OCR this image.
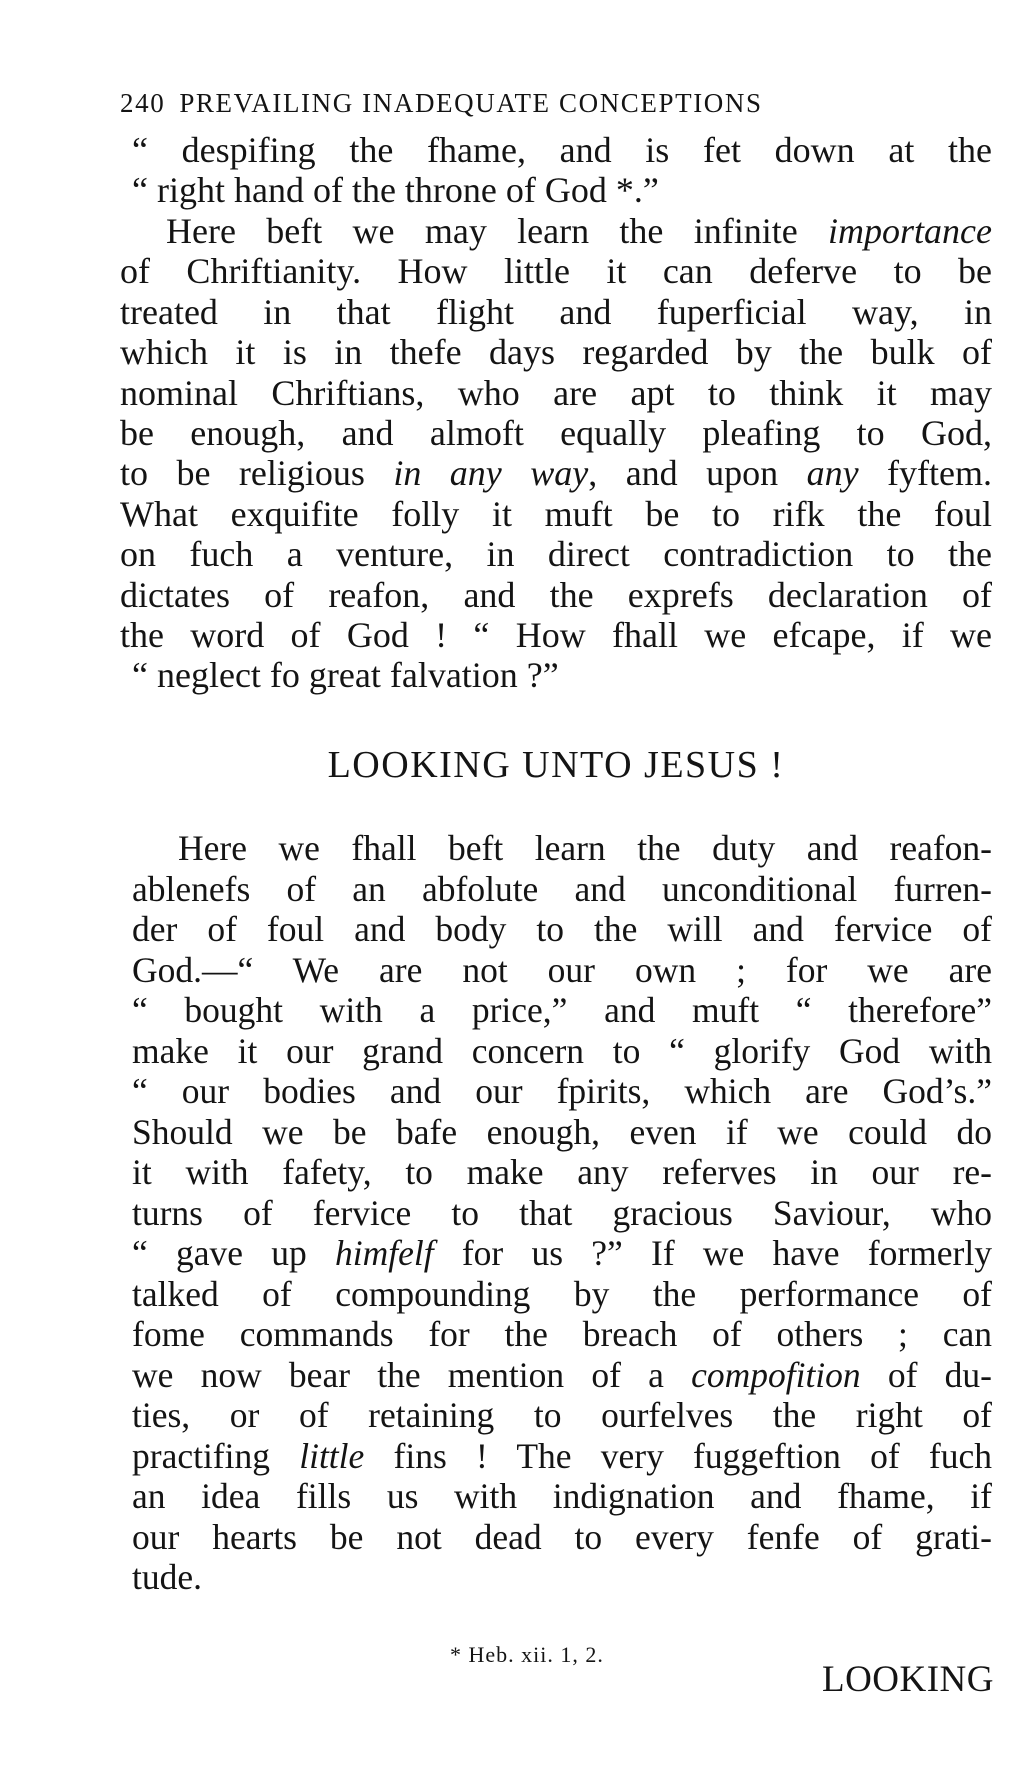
240 PREVAILING INADEQUATE CONCEPTIONS
“ despifing the fhame, and is fet down at the
“ right hand of the throne of God *.”
Here beft we may learn the infinite importance
of Chriftianity. How little it can deferve to be
treated in that flight and fuperficial way, in
which it is in thefe days regarded by the bulk of
nominal Chriftians, who are apt to think it may
be enough, and almoft equally pleafing to God,
to be religious in any way, and upon any fyftem.
What exquifite folly it muft be to rifk the foul
on fuch a venture, in direct contradiction to the
dictates of reafon, and the exprefs declaration of
the word of God ! “ How fhall we efcape, if we
“ neglect fo great falvation ?”
LOOKING UNTO JESUS !
Here we fhall beft learn the duty and reafon-
ablenefs of an abfolute and unconditional furren-
der of foul and body to the will and fervice of
God.—“ We are not our own ; for we are
“ bought with a price,” and muft “ therefore”
make it our grand concern to “ glorify God with
“ our bodies and our fpirits, which are God’s.”
Should we be bafe enough, even if we could do
it with fafety, to make any referves in our re-
turns of fervice to that gracious Saviour, who
“ gave up himfelf for us ?” If we have formerly
talked of compounding by the performance of
fome commands for the breach of others ; can
we now bear the mention of a compofition of du-
ties, or of retaining to ourfelves the right of
practifing little fins ! The very fuggeftion of fuch
an idea fills us with indignation and fhame, if
our hearts be not dead to every fenfe of grati-
tude.
* Heb. xii. 1, 2.
LOOKING
